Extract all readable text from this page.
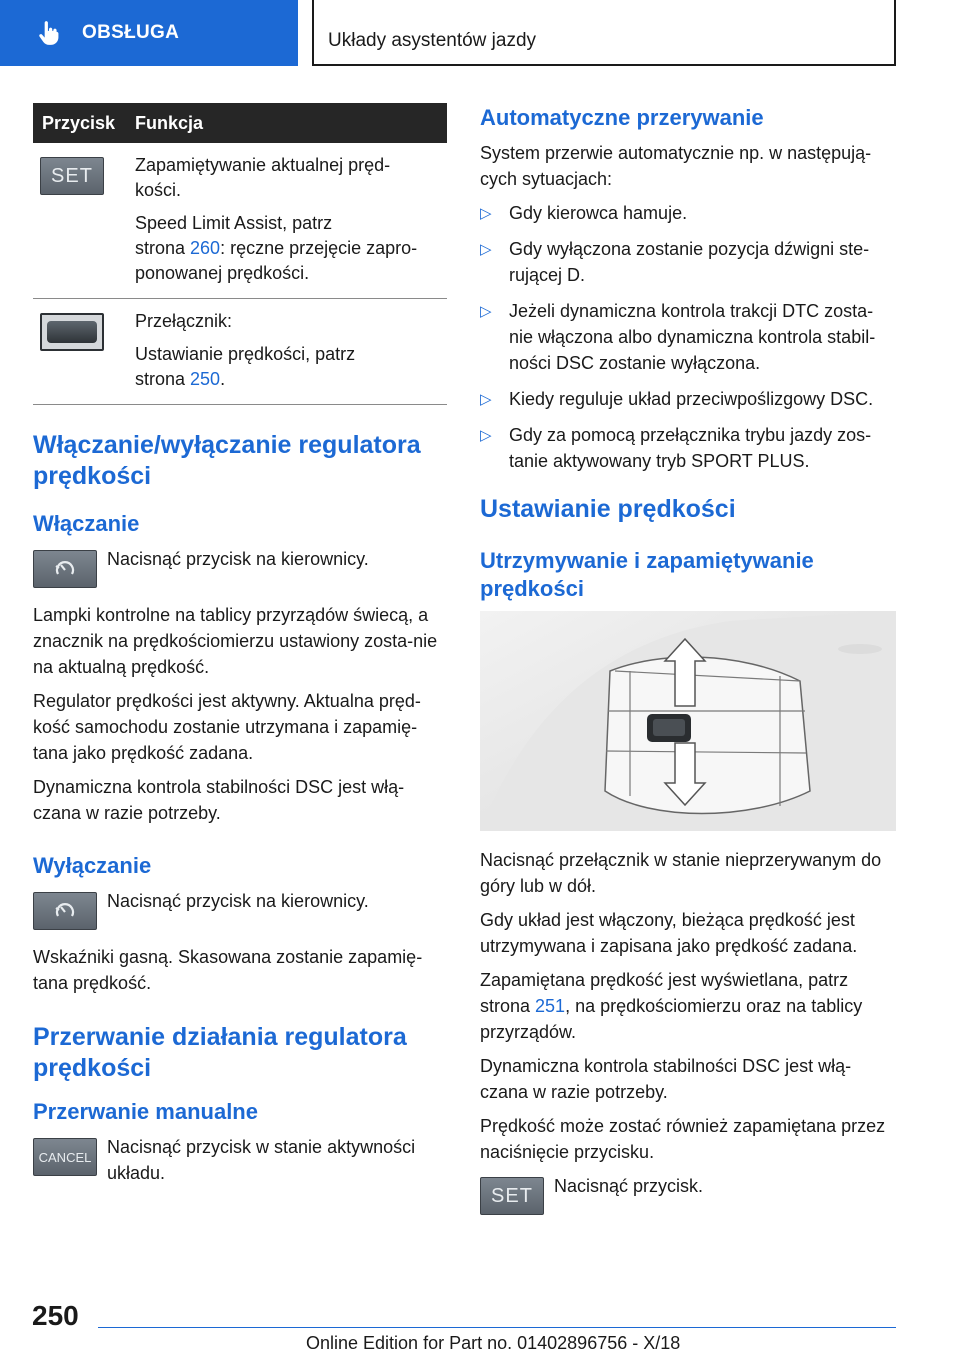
OBSŁUGA	Układy asystentów jazdy
Przycisk	Funkcja

SET	Zapamiętywanie aktualnej pręd-
kości.

Speed Limit Assist, patrz
strona 260: ręczne przejęcie zapro-
ponowanej prędkości.

	Przełącznik:

Ustawianie prędkości, patrz
strona 250.

Włączanie/wyłączanie regulatora prędkości
Włączanie

Nacisnąć przycisk na kierownicy.

Lampki kontrolne na tablicy przyrządów świecą, a znacznik na prędkościomierzu ustawiony zosta-nie na aktualną prędkość.

Regulator prędkości jest aktywny. Aktualna pręd-kość samochodu zostanie utrzymana i zapamię-tana jako prędkość zadana.

Dynamiczna kontrola stabilności DSC jest włą-czana w razie potrzeby.

Wyłączanie

Nacisnąć przycisk na kierownicy.

Wskaźniki gasną. Skasowana zostanie zapamię-tana prędkość.

Przerwanie działania regulatora prędkości
Przerwanie manualne
CANCEL Nacisnąć przycisk w stanie aktywności układu.

Automatyczne przerywanie

System przerwie automatycznie np. w następują-cych sytuacjach:

▷ Gdy kierowca hamuje.
▷ Gdy wyłączona zostanie pozycja dźwigni ste-rującej D.
▷ Jeżeli dynamiczna kontrola trakcji DTC zosta-nie włączona albo dynamiczna kontrola stabil-ności DSC zostanie wyłączona.
▷ Kiedy reguluje układ przeciwpoślizgowy DSC.
▷ Gdy za pomocą przełącznika trybu jazdy zos-tanie aktywowany tryb SPORT PLUS.
Ustawianie prędkości
Utrzymywanie i zapamiętywanie prędkości

Nacisnąć przełącznik w stanie nieprzerywanym do góry lub w dół.

Gdy układ jest włączony, bieżąca prędkość jest utrzymywana i zapisana jako prędkość zadana.

Zapamiętana prędkość jest wyświetlana, patrz strona 251, na prędkościomierzu oraz na tablicy przyrządów.

Dynamiczna kontrola stabilności DSC jest włą-czana w razie potrzeby.

Prędkość może zostać również zapamiętana przez naciśnięcie przycisku.

SET Nacisnąć przycisk.

250
Online Edition for Part no. 01402896756 - X/18
